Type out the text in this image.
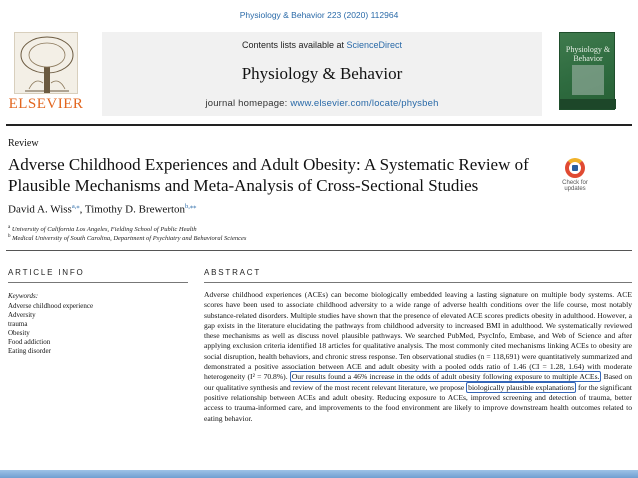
Physiology & Behavior 223 (2020) 112964
ELSEVIER
Contents lists available at ScienceDirect
Physiology & Behavior
journal homepage: www.elsevier.com/locate/physbeh
Physiology & Behavior
Review
Adverse Childhood Experiences and Adult Obesity: A Systematic Review of Plausible Mechanisms and Meta-Analysis of Cross-Sectional Studies	Check for updates
David A. Wiss$^{a,⁎}$, Timothy D. Brewerton$^{b,⁎⁎}$
$^a$ University of California Los Angeles, Fielding School of Public Health
$^b$ Medical University of South Carolina, Department of Psychiatry and Behavioral Sciences
ARTICLE INFO
Keywords:
Adverse childhood experience
Adversity
trauma
Obesity
Food addiction
Eating disorder
ABSTRACT
Adverse childhood experiences (ACEs) can become biologically embedded leaving a lasting signature on multiple body systems. ACE scores have been used to associate childhood adversity to a wide range of adverse health conditions over the life course, most notably substance-related disorders. Multiple studies have shown that the presence of elevated ACE scores predicts obesity in adulthood. However, a gap exists in the literature elucidating the pathways from childhood adversity to increased BMI in adulthood. We systematically reviewed these mechanisms as well as discuss novel plausible pathways. We searched PubMed, PsycInfo, Embase, and Web of Science and after applying exclusion criteria identified 18 articles for qualitative analysis. The most commonly cited mechanisms linking ACEs to obesity are social disruption, health behaviors, and chronic stress response. Ten observational studies (n = 118,691) were quantitatively summarized and demonstrated a positive association between ACE and adult obesity with a pooled odds ratio of 1.46 (CI = 1.28, 1.64) with moderate heterogeneity (I² = 70.8%). Our results found a 46% increase in the odds of adult obesity following exposure to multiple ACEs. Based on our qualitative synthesis and review of the most recent relevant literature, we propose biologically plausible explanations for the significant positive relationship between ACEs and adult obesity. Reducing exposure to ACEs, improved screening and detection of trauma, better access to trauma-informed care, and improvements to the food environment are likely to improve downstream health outcomes related to eating behavior.
